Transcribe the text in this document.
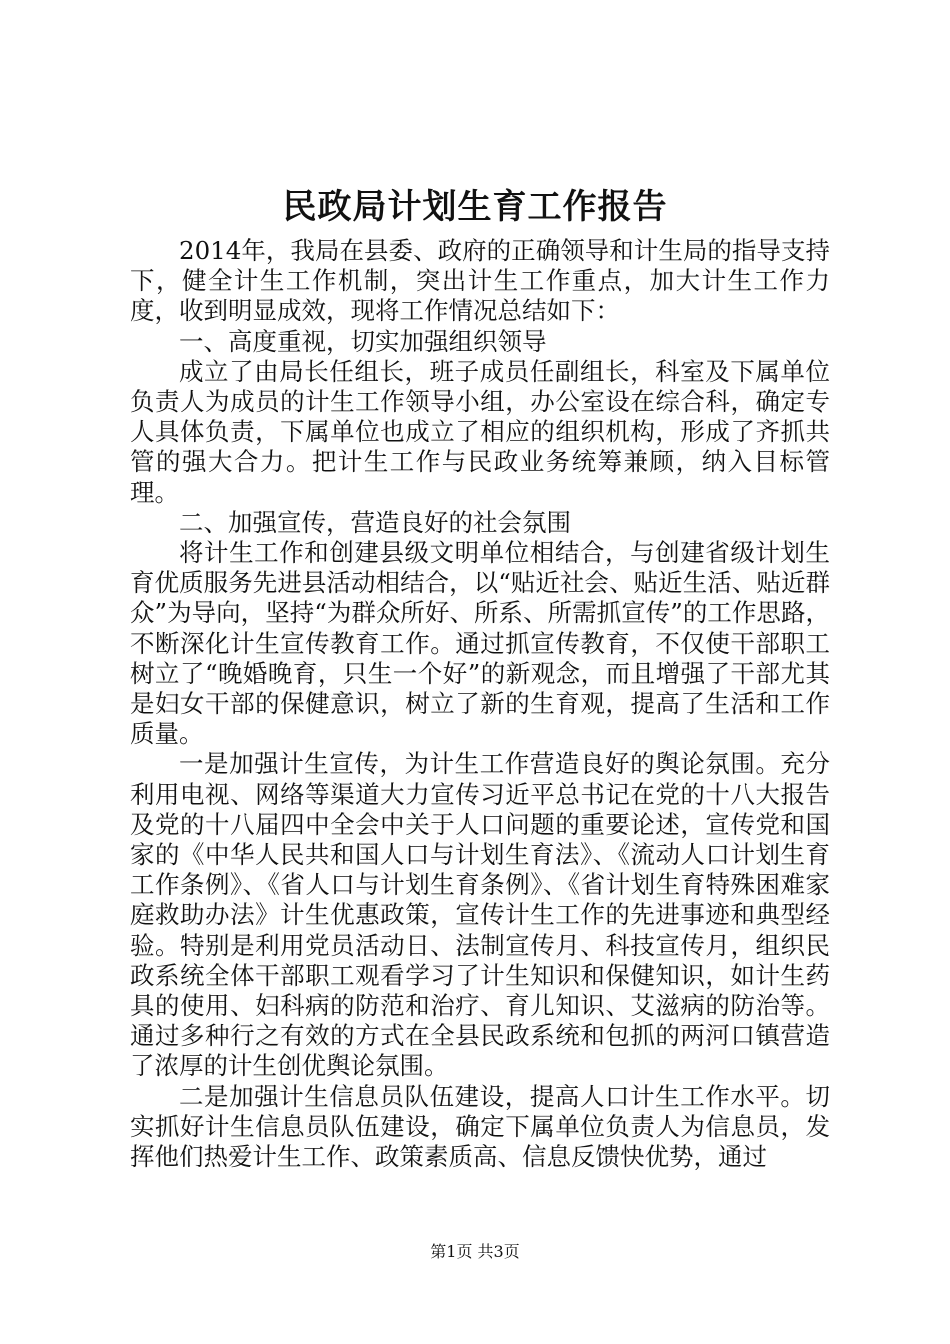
民政局计划生育工作报告

2014年，我局在县委、政府的正确领导和计生局的指导支持下，健全计生工作机制，突出计生工作重点，加大计生工作力度，收到明显成效，现将工作情况总结如下：

一、高度重视，切实加强组织领导

成立了由局长任组长，班子成员任副组长，科室及下属单位负责人为成员的计生工作领导小组，办公室设在综合科，确定专人具体负责，下属单位也成立了相应的组织机构，形成了齐抓共管的强大合力。把计生工作与民政业务统筹兼顾，纳入目标管理。

二、加强宣传，营造良好的社会氛围

将计生工作和创建县级文明单位相结合，与创建省级计划生育优质服务先进县活动相结合，以“贴近社会、贴近生活、贴近群众”为导向，坚持“为群众所好、所系、所需抓宣传”的工作思路，不断深化计生宣传教育工作。通过抓宣传教育，不仅使干部职工树立了“晚婚晚育，只生一个好”的新观念，而且增强了干部尤其是妇女干部的保健意识，树立了新的生育观，提高了生活和工作质量。

一是加强计生宣传，为计生工作营造良好的舆论氛围。充分利用电视、网络等渠道大力宣传习近平总书记在党的十八大报告及党的十八届四中全会中关于人口问题的重要论述，宣传党和国家的《中华人民共和国人口与计划生育法》、《流动人口计划生育工作条例》、《省人口与计划生育条例》、《省计划生育特殊困难家庭救助办法》计生优惠政策，宣传计生工作的先进事迹和典型经验。特别是利用党员活动日、法制宣传月、科技宣传月，组织民政系统全体干部职工观看学习了计生知识和保健知识，如计生药具的使用、妇科病的防范和治疗、育儿知识、艾滋病的防治等。通过多种行之有效的方式在全县民政系统和包抓的两河口镇营造了浓厚的计生创优舆论氛围。

二是加强计生信息员队伍建设，提高人口计生工作水平。切实抓好计生信息员队伍建设，确定下属单位负责人为信息员，发挥他们热爱计生工作、政策素质高、信息反馈快优势，通过

第1页 共3页
